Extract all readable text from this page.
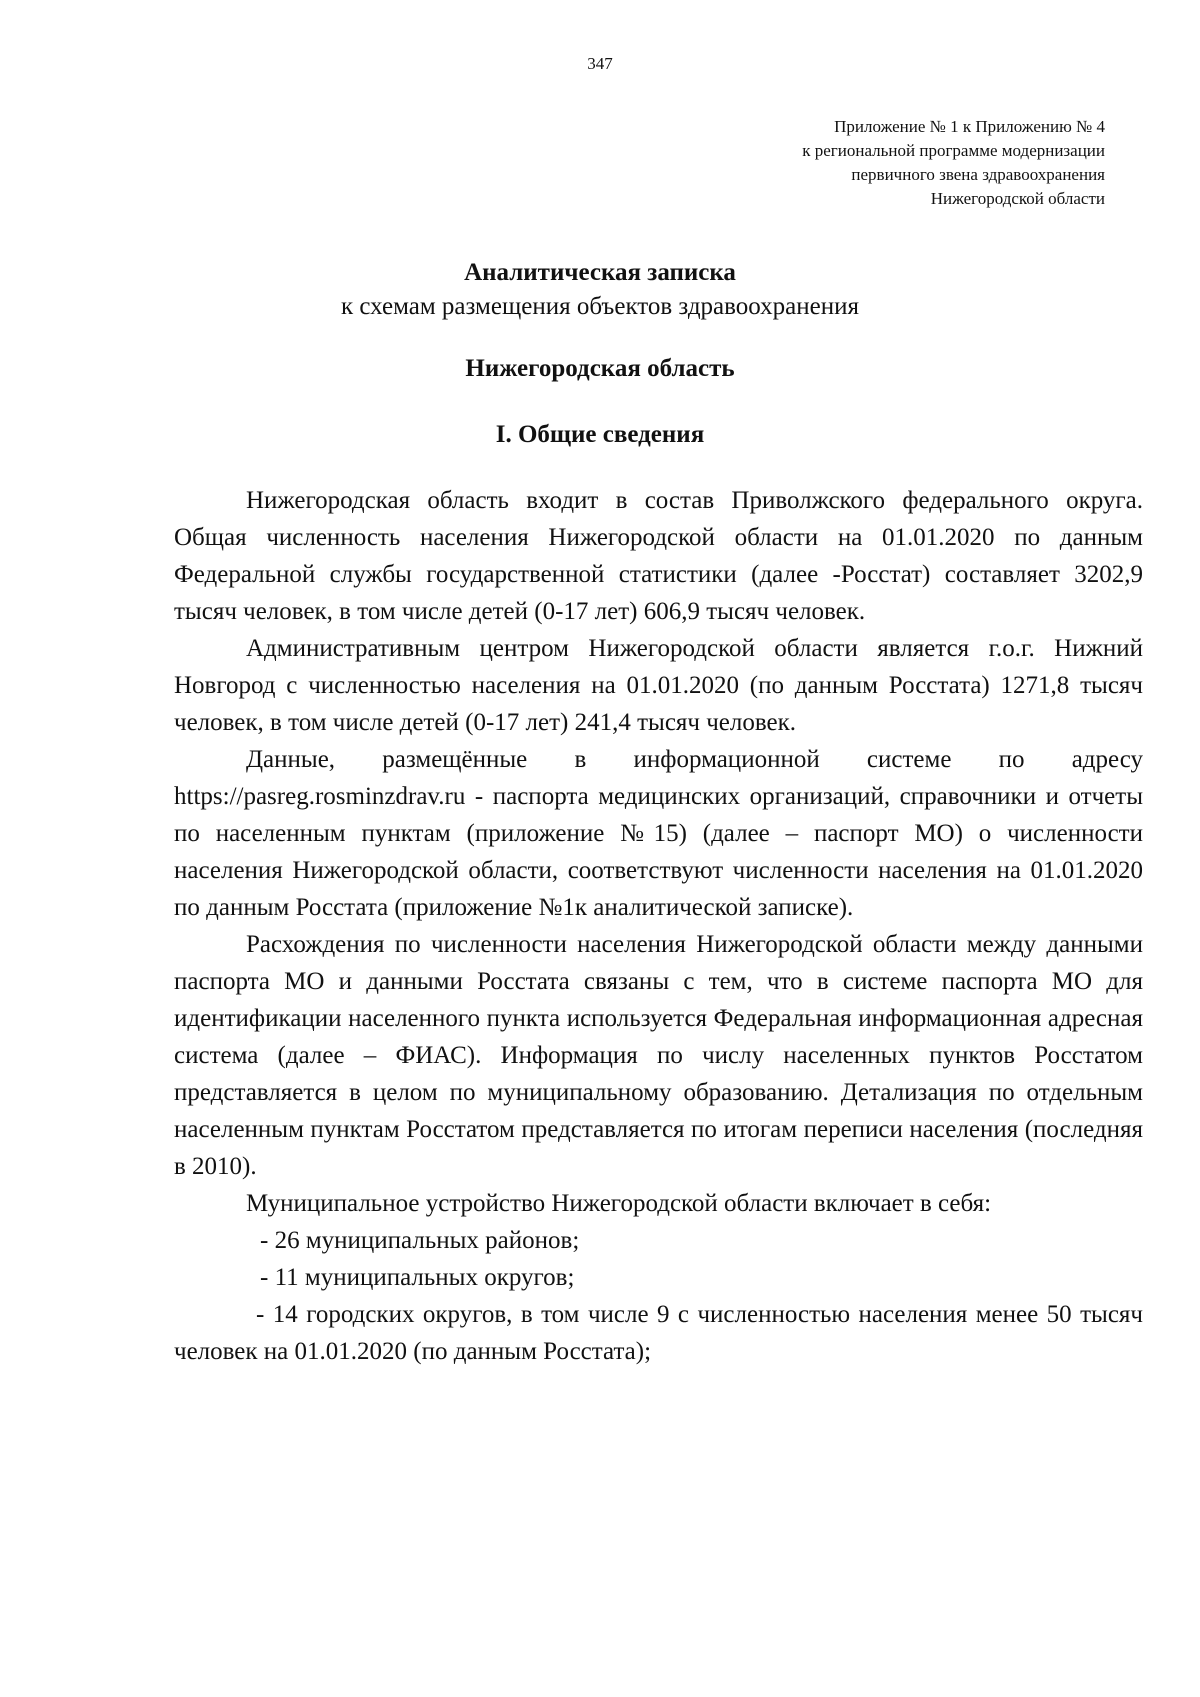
347
Приложение № 1 к Приложению № 4
к региональной программе модернизации
первичного звена здравоохранения
Нижегородской области
Аналитическая записка
к схемам размещения объектов здравоохранения
Нижегородская область
I. Общие сведения

Нижегородская область входит в состав Приволжского федерального округа. Общая численность населения Нижегородской области на 01.01.2020 по данным Федеральной службы государственной статистики (далее -Росстат) составляет 3202,9 тысяч человек, в том числе детей (0-17 лет) 606,9 тысяч человек.

Административным центром Нижегородской области является г.о.г. Нижний Новгород с численностью населения на 01.01.2020 (по данным Росстата) 1271,8 тысяч человек, в том числе детей (0-17 лет) 241,4 тысяч человек.

Данные, размещённые в информационной системе по адресу https://pasreg.rosminzdrav.ru - паспорта медицинских организаций, справочники и отчеты по населенным пунктам (приложение №15) (далее – паспорт МО) о численности населения Нижегородской области, соответствуют численности населения на 01.01.2020 по данным Росстата (приложение №1к аналитической записке).

Расхождения по численности населения Нижегородской области между данными паспорта МО и данными Росстата связаны с тем, что в системе паспорта МО для идентификации населенного пункта используется Федеральная информационная адресная система (далее – ФИАС). Информация по числу населенных пунктов Росстатом представляется в целом по муниципальному образованию. Детализация по отдельным населенным пунктам Росстатом представляется по итогам переписи населения (последняя в 2010).

Муниципальное устройство Нижегородской области включает в себя:

- 26 муниципальных районов;

- 11 муниципальных округов;

- 14 городских округов, в том числе 9 с численностью населения менее 50 тысяч человек на 01.01.2020 (по данным Росстата);
